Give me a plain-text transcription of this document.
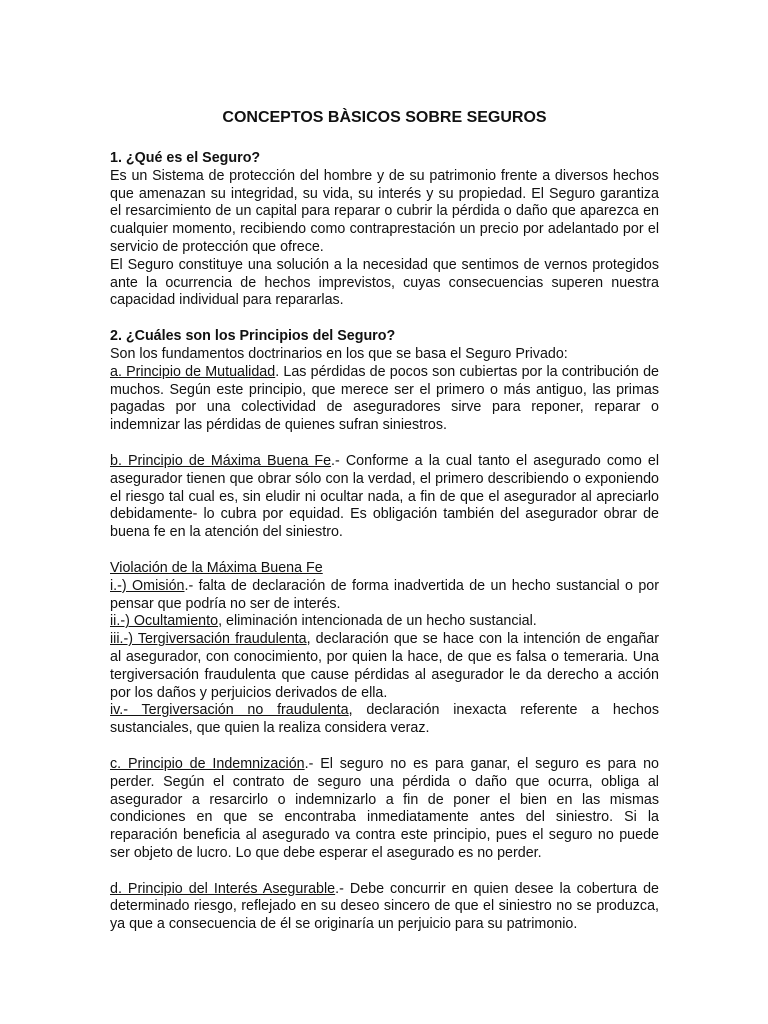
CONCEPTOS BÀSICOS SOBRE SEGUROS
1. ¿Qué es el Seguro?

Es un Sistema de protección del hombre y de su patrimonio frente a diversos hechos que amenazan su integridad, su vida, su interés y su propiedad. El Seguro garantiza el resarcimiento de un capital para reparar o cubrir la pérdida o daño que aparezca en cualquier momento, recibiendo como contraprestación un precio por adelantado por el servicio de protección que ofrece.

El Seguro constituye una solución a la necesidad que sentimos de vernos protegidos ante la ocurrencia de hechos imprevistos, cuyas consecuencias superen nuestra capacidad individual para repararlas.

2. ¿Cuáles son los Principios del Seguro?

Son los fundamentos doctrinarios en los que se basa el Seguro Privado:

a. Principio de Mutualidad. Las pérdidas de pocos son cubiertas por la contribución de muchos. Según este principio, que merece ser el primero o más antiguo, las primas pagadas por una colectividad de aseguradores sirve para reponer, reparar o indemnizar las pérdidas de quienes sufran siniestros.

b. Principio de Máxima Buena Fe.- Conforme a la cual tanto el asegurado como el asegurador tienen que obrar sólo con la verdad, el primero describiendo o exponiendo el riesgo tal cual es, sin eludir ni ocultar nada, a fin de que el asegurador al apreciarlo debidamente- lo cubra por equidad. Es obligación también del asegurador obrar de buena fe en la atención del siniestro.

Violación de la Máxima Buena Fe

i.-) Omisión.- falta de declaración de forma inadvertida de un hecho sustancial o por pensar que podría no ser de interés.

ii.-) Ocultamiento, eliminación intencionada de un hecho sustancial.

iii.-) Tergiversación fraudulenta, declaración que se hace con la intención de engañar al asegurador, con conocimiento, por quien la hace, de que es falsa o temeraria. Una tergiversación fraudulenta que cause pérdidas al asegurador le da derecho a acción por los daños y perjuicios derivados de ella.

iv.- Tergiversación no fraudulenta, declaración inexacta referente a hechos sustanciales, que quien la realiza considera veraz.

c. Principio de Indemnización.- El seguro no es para ganar, el seguro es para no perder. Según el contrato de seguro una pérdida o daño que ocurra, obliga al asegurador a resarcirlo o indemnizarlo a fin de poner el bien en las mismas condiciones en que se encontraba inmediatamente antes del siniestro. Si la reparación beneficia al asegurado va contra este principio, pues el seguro no puede ser objeto de lucro. Lo que debe esperar el asegurado es no perder.

d. Principio del Interés Asegurable.- Debe concurrir en quien desee la cobertura de determinado riesgo, reflejado en su deseo sincero de que el siniestro no se produzca, ya que a consecuencia de él se originaría un perjuicio para su patrimonio.
